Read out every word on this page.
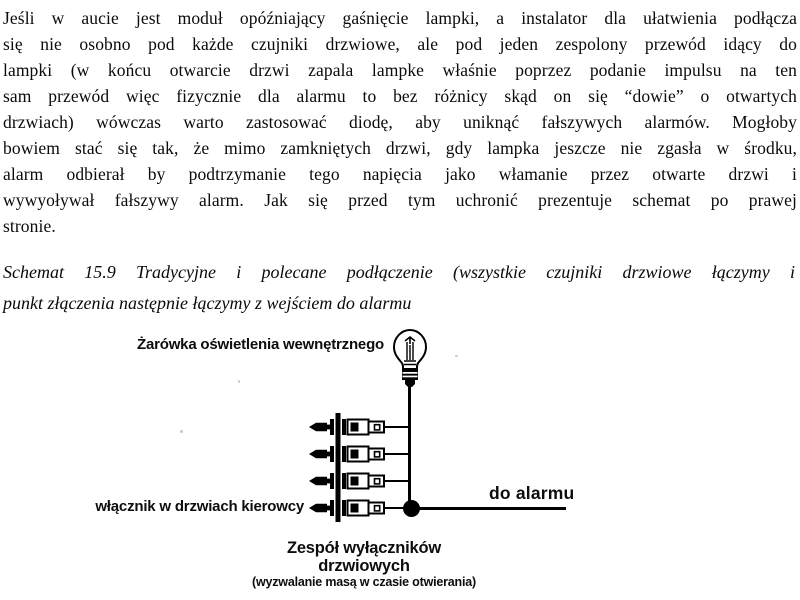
Jeśli w aucie jest moduł opóźniający gaśnięcie lampki, a instalator dla ułatwienia podłącza
się nie osobno pod każde czujniki drzwiowe, ale pod jeden zespolony przewód idący do
lampki (w końcu otwarcie drzwi zapala lampke właśnie poprzez podanie impulsu na ten
sam przewód więc fizycznie dla alarmu to bez różnicy skąd on się “dowie” o otwartych
drzwiach) wówczas warto zastosować diodę, aby uniknąć fałszywych alarmów. Mogłoby
bowiem stać się tak, że mimo zamkniętych drzwi, gdy lampka jeszcze nie zgasła w środku,
alarm odbierał by podtrzymanie tego napięcia jako włamanie przez otwarte drzwi i
wywyoływał fałszywy alarm. Jak się przed tym uchronić prezentuje schemat po prawej
stronie.
Schemat 15.9 Tradycyjne i polecane podłączenie (wszystkie czujniki drzwiowe łączymy i
punkt złączenia następnie łączymy z wejściem do alarmu
Żarówka oświetlenia wewnętrznego
włącznik w drzwiach kierowcy
do alarmu
Zespół wyłączników
drzwiowych
(wyzwalanie masą w czasie otwierania)
